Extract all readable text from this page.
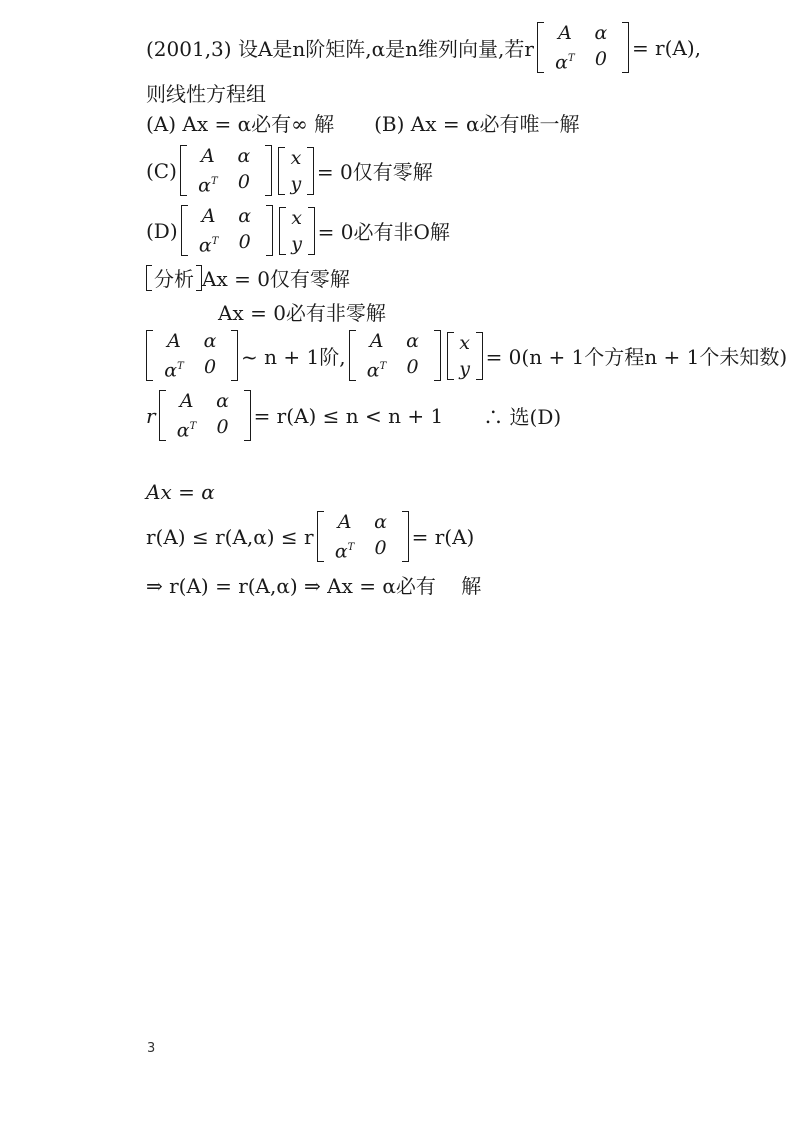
(2001,3) 设A是n阶矩阵,α是n维列向量,若r
A	α
$\alpha^T$	0	= r(A),
则线性方程组
(A) Ax = α必有∞ 解 (B) Ax = α必有唯一解
(C)
A	α
$\alpha^T$	0
x
y = 0仅有零解
(D)
A	α
$\alpha^T$	0
x
y = 0必有非O解
分析 Ax = 0仅有零解
Ax = 0必有非零解
A	α
$\alpha^T$	0	~ n + 1阶,
A	α
$\alpha^T$	0
x
y = 0(n + 1个方程n + 1个未知数)
r
A	α
$\alpha^T$	0	= r(A) ≤ n < n + 1 ∴ 选(D)
Ax = α
r(A) ≤ r(A,α) ≤ r
A	α
$\alpha^T$	0	= r(A)
⇒ r(A) = r(A,α) ⇒ Ax = α必有    解
3
